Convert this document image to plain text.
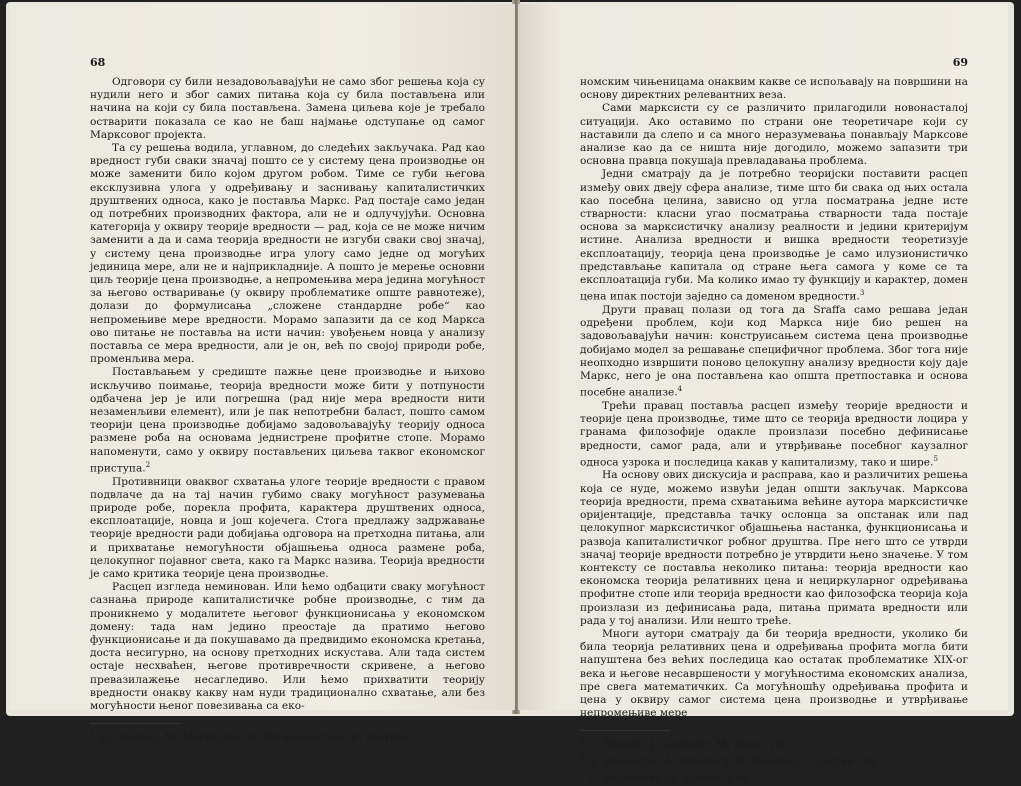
68

Одговори су били незадовољавајући не само због решења која су нудили него и због самих питања која су била постављена или начина на који су била постављена. Замена циљева које је требало остварити показала се као не баш најмање одступање од самог Марксовог пројекта.

Та су решења водила, углавном, до следећих закључака. Рад као вредност губи сваки значај пошто се у систему цена производње он може заменити било којом другом робом. Тиме се губи његова ексклузивна улога у одређивању и заснивању капиталистичких друштвених односа, како је поставља Маркс. Рад постаје само један од потребних производних фактора, али не и одлучујући. Основна категорија у оквиру теорије вредности — рад, која се не може ничим заменити а да и сама теорија вредности не изгуби сваки свој значај, у систему цена производње игра улогу само једне од могућих јединица мере, али не и најприкладније. А пошто је мерење основни циљ теорије цена производње, а непромењива мера једина могућност за његово остваривање (у оквиру проблематике опште равнотеже), долази до формулисања „сложене стандардне робе“ као непромењиве мере вредности. Морамо запазити да се код Маркса ово питање не поставља на исти начин: увођењем новца у анализу поставља се мера вредности, али је он, већ по својој природи робе, променљива мера.

Постављањем у средиште пажње цене производње и њихово искључиво поимање, теорија вредности може бити у потпуности одбачена јер је или погрешна (рад није мера вредности нити незаменљиви елемент), или је пак непотребни баласт, пошто самом теорији цена производње добијамо задовољавајућу теорију односа размене роба на основама једнистрене профитне стопе. Морамо напоменути, само у оквиру постављених циљева таквог економског приступа.$^2$

Противници оваквог схватања улоге теорије вредности с правом подвлаче да на тај начин губимо сваку могућност разумевања природе робе, порекла профита, карактера друштвених односа, експлоатације, новца и још којечега. Стога предлажу задржавање теорије вредности ради добијања одговора на претходна питања, али и прихватање немогућности објашњења односа размене роба, целокупног појавног света, како га Маркс назива. Теорија вредности је само критика теорије цена производње.

Расцеп изгледа неминован. Или ћемо одбацити сваку могућност сазнања природе капиталистичке робне производње, с тим да проникнемо у модалитете његовог функционисања у економском домену: тада нам једино преостаје да пратимо његово функционисање и да покушавамо да предвидимо економска кретања, доста несигурно, на основу претходних искустава. Али тада систем остаје несхваћен, његове противречности скривене, а његово превазилажење несагледиво. Или ћемо прихватити теорију вредности онакву какву нам нуди традиционално схватање, али без могућности њеног повезивања са еко-

$^1$ M. Okishio, M. Morishima, G. Abraham-Frois, E. Berrebi.

69

номским чињеницама онаквим какве се испољавају на површини на основу директних релевантних веза.

Сами марксисти су се различито прилагодили новонасталој ситуацији. Ако оставимо по страни оне теоретичаре који су наставили да слепо и са много неразумевања понављају Марксове анализе као да се ништа није догодило, можемо запазити три основна правца покушаја превладавања проблема.

Једни сматрају да је потребно теоријски поставити расцеп између ових двеју сфера анализе, тиме што би свака од њих остала као посебна целина, зависно од угла посматрања једне исте стварности: класни угао посматрања стварности тада постаје основа за марксистичку анализу реалности и једини критеријум истине. Анализа вредности и вишка вредности теоретизује експлоатацију, теорија цена производње је само илузионистичко представљање капитала од стране њега самога у коме се та експлоатација губи. Ма колико имао ту функцију и карактер, домен цена ипак постоји заједно са доменом вредности.$^3$

Други правац полази од тога да Sraffa само решава један одређени проблем, који код Маркса није био решен на задовољавајући начин: конструисањем система цена производње добијамо модел за решавање специфичног проблема. Због тога није неопходно извршити поново целокупну анализу вредности коју даје Маркс, него је она постављена као општа претпоставка и основа посебне анализе.$^4$

Трећи правац поставља расцеп између теорије вредности и теорије цена производње, тиме што се теорија вредности лоцира у гранама филозофије одакле произлази посебно дефинисање вредности, самог рада, али и утврђивање посебног каузалног односа узрока и последица какав у капитализму, тако и шире.$^5$

На основу ових дискусија и расправа, као и различитих решења која се нуде, можемо извући један општи закључак. Марксова теорија вредности, према схватањима већине аутора марксистичке оријентације, представља тачку ослонца за опстанак или пад целокупног марксистичког објашњења настанка, функционисања и развоја капиталистичког робног друштва. Пре него што се утврди значај теорије вредности потребно је утврдити њено значење. У том контексту се поставља неколико питања: теорија вредности као економска теорија релативних цена и нециркуларног одређивања профитне стопе или теорија вредности као филозофска теорија која произлази из дефинисања рада, питања примата вредности или рада у тој анализи. Или нешто треће.

Многи аутори сматрају да би теорија вредности, уколико би била теорија релативних цена и одређивања профита могла бити напуштена без већих последица као остатак проблематике XIX-ог века и његове несавршености у могућностима економских анализа, пре свега математичких. Са могућношћу одређивања профита и цена у оквиру самог система цена производње и утврђивање непромењиве мере

$^3$ C. Benetti, J. Cartelier, M. Rossi, i dr.

$^4$ A. Roncaglia, A. Ginzburg, E. Vianello, D. Ingrao i dr.

$^5$ C. Napoleoni, M. Bianchi i dr.
